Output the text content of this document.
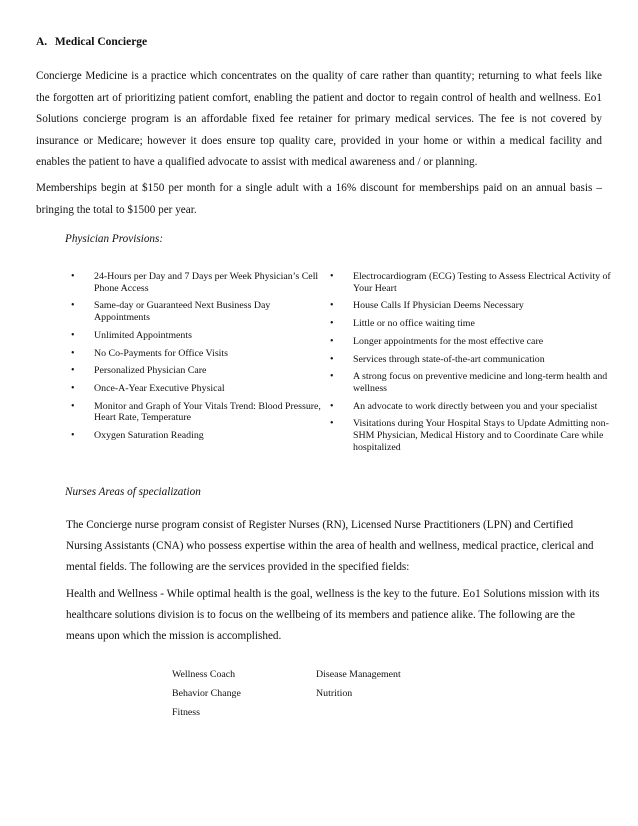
A. Medical Concierge

Concierge Medicine is a practice which concentrates on the quality of care rather than quantity; returning to what feels like the forgotten art of prioritizing patient comfort, enabling the patient and doctor to regain control of health and wellness. Eo1 Solutions concierge program is an affordable fixed fee retainer for primary medical services. The fee is not covered by insurance or Medicare; however it does ensure top quality care, provided in your home or within a medical facility and enables the patient to have a qualified advocate to assist with medical awareness and / or planning.

Memberships begin at $150 per month for a single adult with a 16% discount for memberships paid on an annual basis – bringing the total to $1500 per year.

Physician Provisions:
• 24-Hours per Day and 7 Days per Week Physician’s Cell Phone Access
• Same-day or Guaranteed Next Business Day Appointments
• Unlimited Appointments
• No Co-Payments for Office Visits
• Personalized Physician Care
• Once-A-Year Executive Physical
• Monitor and Graph of Your Vitals Trend: Blood Pressure, Heart Rate, Temperature
• Oxygen Saturation Reading
• Electrocardiogram (ECG) Testing to Assess Electrical Activity of Your Heart
• House Calls If Physician Deems Necessary
• Little or no office waiting time
• Longer appointments for the most effective care
• Services through state-of-the-art communication
• A strong focus on preventive medicine and long-term health and wellness
• An advocate to work directly between you and your specialist
• Visitations during Your Hospital Stays to Update Admitting non-SHM Physician, Medical History and to Coordinate Care while hospitalized
Nurses Areas of specialization

The Concierge nurse program consist of Register Nurses (RN), Licensed Nurse Practitioners (LPN) and Certified Nursing Assistants (CNA) who possess expertise within the area of health and wellness, medical practice, clerical and mental fields. The following are the services provided in the specified fields:

Health and Wellness - While optimal health is the goal, wellness is the key to the future. Eo1 Solutions mission with its healthcare solutions division is to focus on the wellbeing of its members and patience alike. The following are the means upon which the mission is accomplished.

Wellness Coach
Behavior Change
Fitness
Disease Management
Nutrition
